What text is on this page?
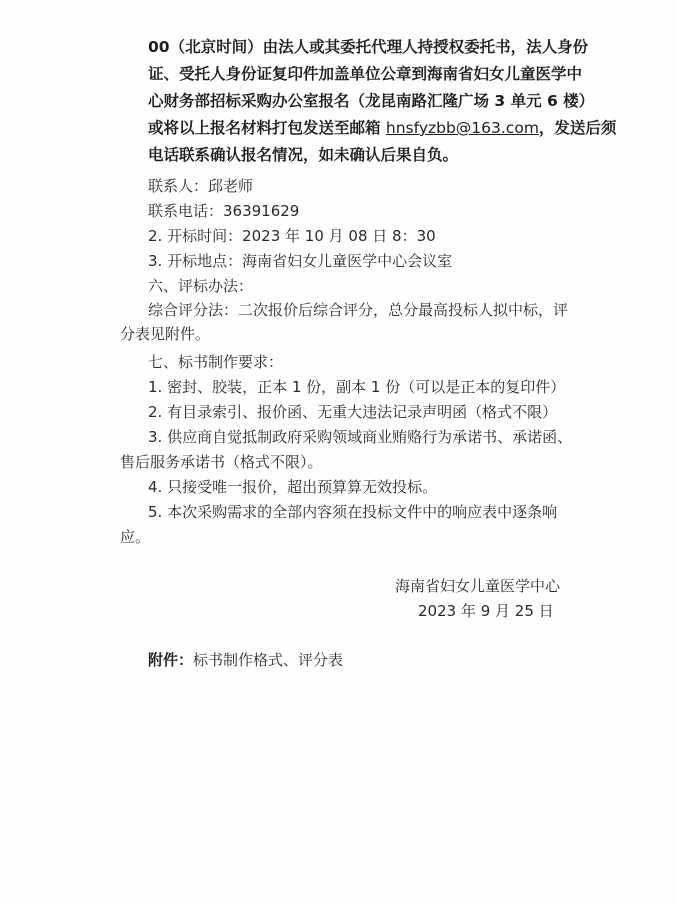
00（北京时间）由法人或其委托代理人持授权委托书，法人身份
证、受托人身份证复印件加盖单位公章到海南省妇女儿童医学中
心财务部招标采购办公室报名（龙昆南路汇隆广场 3 单元 6 楼）
或将以上报名材料打包发送至邮箱 hnsfyzbb@163.com，发送后须
电话联系确认报名情况，如未确认后果自负。
联系人：邱老师
联系电话：36391629
2. 开标时间：2023 年 10 月 08 日 8：30
3. 开标地点：海南省妇女儿童医学中心会议室
六、评标办法：
综合评分法：二次报价后综合评分，总分最高投标人拟中标，评
分表见附件。
七、标书制作要求：
1. 密封、胶装，正本 1 份，副本 1 份（可以是正本的复印件）
2. 有目录索引、报价函、无重大违法记录声明函（格式不限）
3. 供应商自觉抵制政府采购领域商业贿赂行为承诺书、承诺函、
售后服务承诺书（格式不限）。
4. 只接受唯一报价，超出预算算无效投标。
5. 本次采购需求的全部内容须在投标文件中的响应表中逐条响
应。
海南省妇女儿童医学中心
2023 年 9 月 25 日
附件：标书制作格式、评分表
